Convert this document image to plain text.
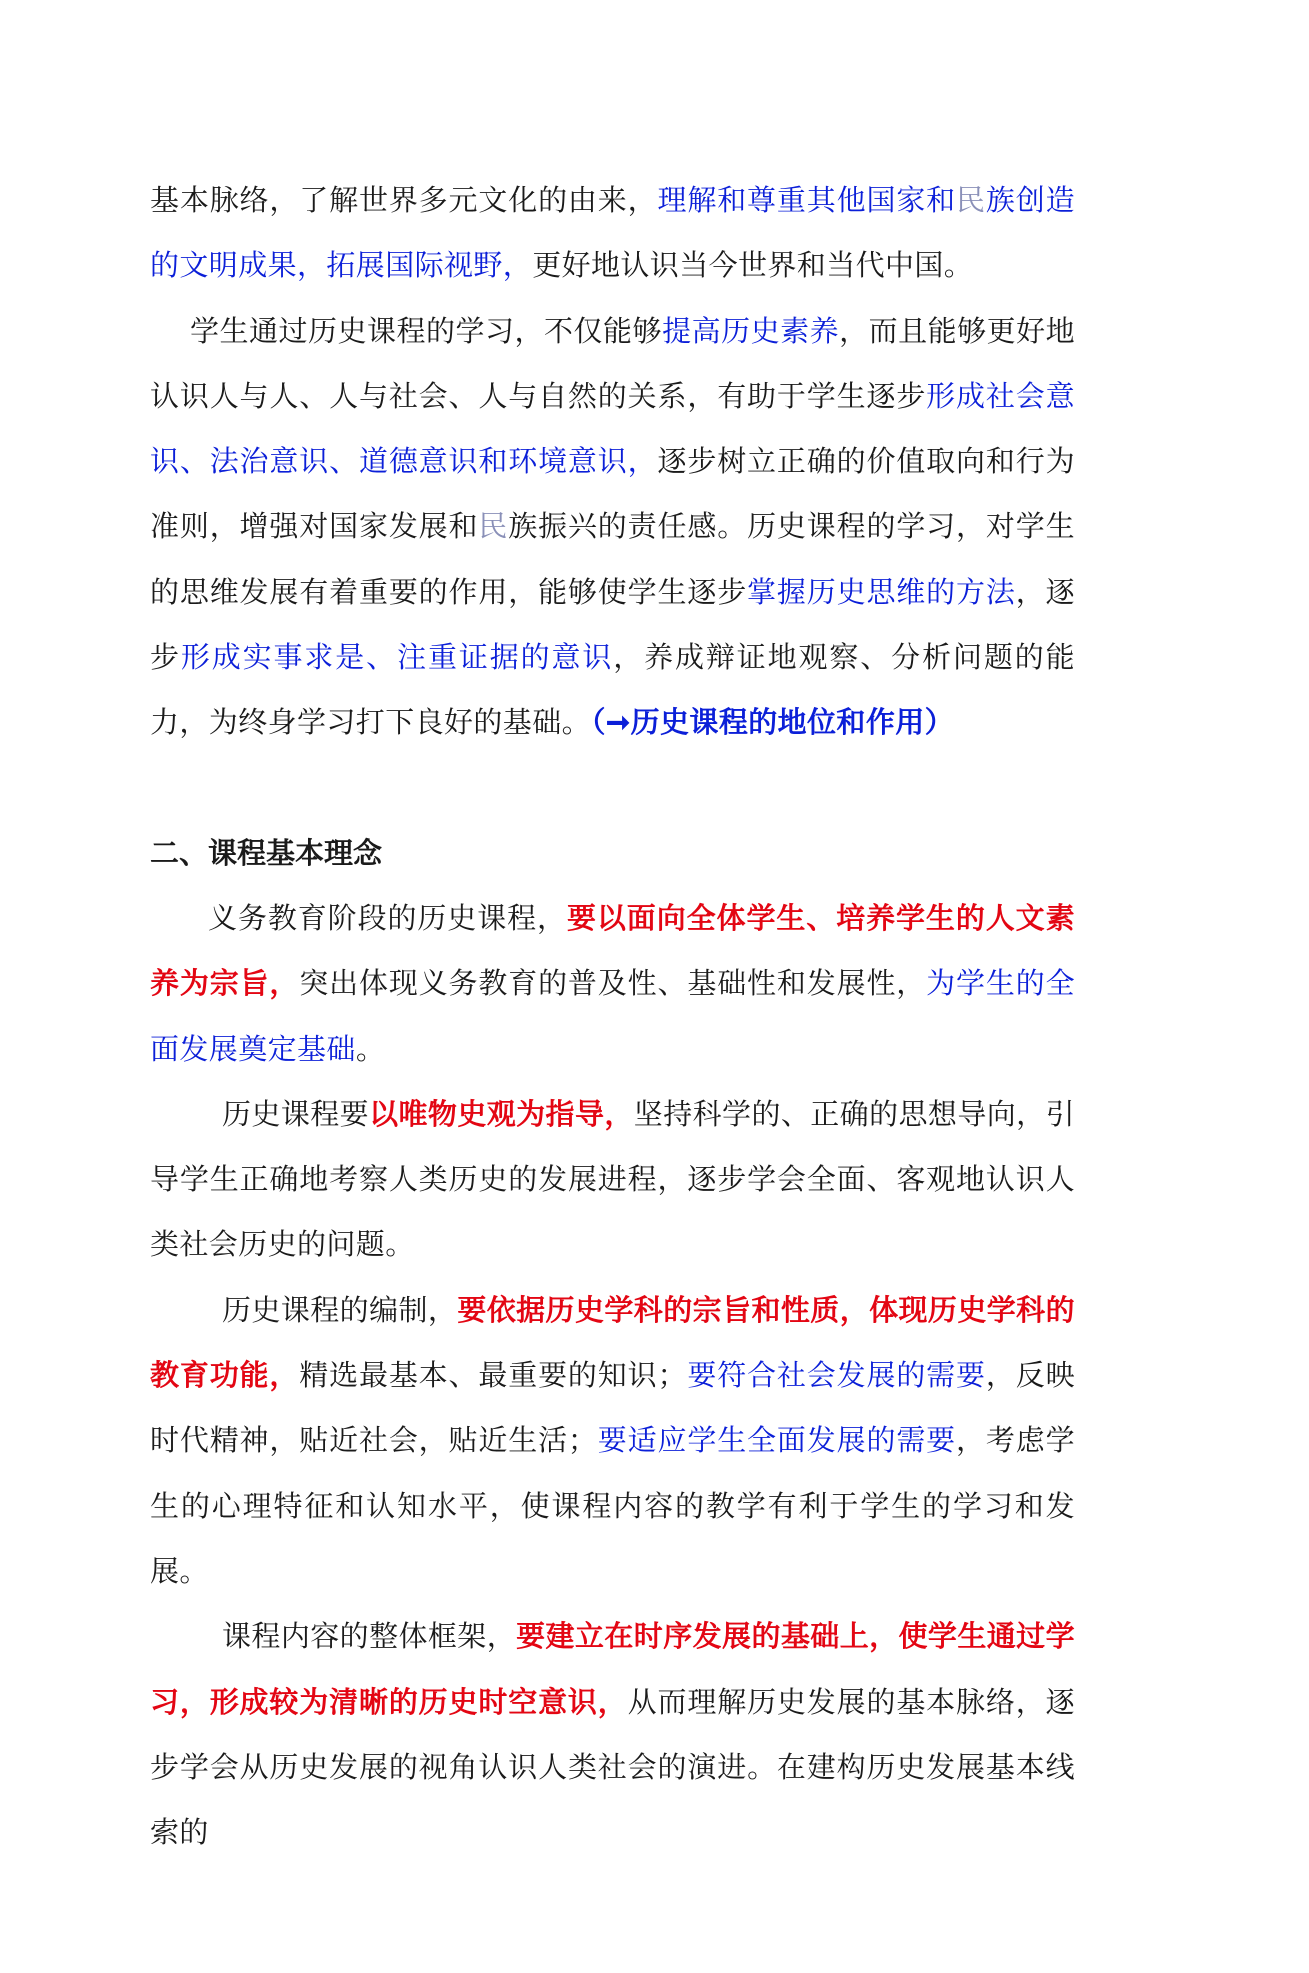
基本脉络，了解世界多元文化的由来，理解和尊重其他国家和民族创造的文明成果，拓展国际视野，更好地认识当今世界和当代中国。

学生通过历史课程的学习，不仅能够提高历史素养，而且能够更好地认识人与人、人与社会、人与自然的关系，有助于学生逐步形成社会意识、法治意识、道德意识和环境意识，逐步树立正确的价值取向和行为准则，增强对国家发展和民族振兴的责任感。历史课程的学习，对学生的思维发展有着重要的作用，能够使学生逐步掌握历史思维的方法，逐步形成实事求是、注重证据的意识，养成辩证地观察、分析问题的能力，为终身学习打下良好的基础。（➞历史课程的地位和作用）

二、课程基本理念

义务教育阶段的历史课程，要以面向全体学生、培养学生的人文素养为宗旨，突出体现义务教育的普及性、基础性和发展性，为学生的全面发展奠定基础。

历史课程要以唯物史观为指导，坚持科学的、正确的思想导向，引导学生正确地考察人类历史的发展进程，逐步学会全面、客观地认识人类社会历史的问题。

历史课程的编制，要依据历史学科的宗旨和性质，体现历史学科的教育功能，精选最基本、最重要的知识；要符合社会发展的需要，反映时代精神，贴近社会，贴近生活；要适应学生全面发展的需要，考虑学生的心理特征和认知水平，使课程内容的教学有利于学生的学习和发展。

课程内容的整体框架，要建立在时序发展的基础上，使学生通过学习，形成较为清晰的历史时空意识，从而理解历史发展的基本脉络，逐步学会从历史发展的视角认识人类社会的演进。在建构历史发展基本线索的
